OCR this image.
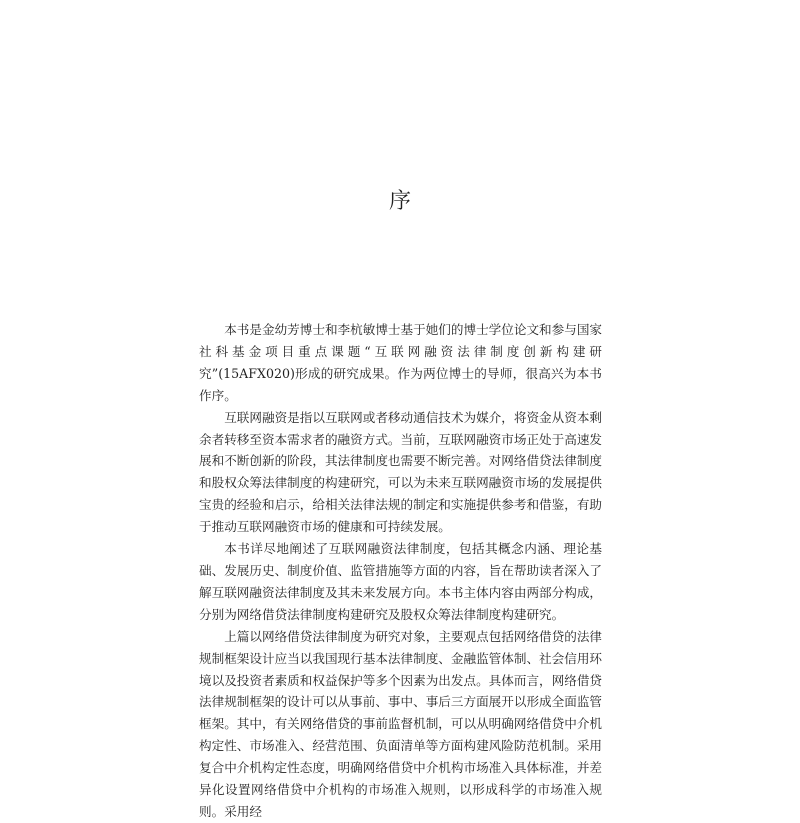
序

本书是金幼芳博士和李杭敏博士基于她们的博士学位论文和参与国家社科基金项目重点课题“互联网融资法律制度创新构建研究”(15AFX020)形成的研究成果。作为两位博士的导师，很高兴为本书作序。

互联网融资是指以互联网或者移动通信技术为媒介，将资金从资本剩余者转移至资本需求者的融资方式。当前，互联网融资市场正处于高速发展和不断创新的阶段，其法律制度也需要不断完善。对网络借贷法律制度和股权众筹法律制度的构建研究，可以为未来互联网融资市场的发展提供宝贵的经验和启示，给相关法律法规的制定和实施提供参考和借鉴，有助于推动互联网融资市场的健康和可持续发展。

本书详尽地阐述了互联网融资法律制度，包括其概念内涵、理论基础、发展历史、制度价值、监管措施等方面的内容，旨在帮助读者深入了解互联网融资法律制度及其未来发展方向。本书主体内容由两部分构成，分别为网络借贷法律制度构建研究及股权众筹法律制度构建研究。

上篇以网络借贷法律制度为研究对象，主要观点包括网络借贷的法律规制框架设计应当以我国现行基本法律制度、金融监管体制、社会信用环境以及投资者素质和权益保护等多个因素为出发点。具体而言，网络借贷法律规制框架的设计可以从事前、事中、事后三方面展开以形成全面监管框架。其中，有关网络借贷的事前监督机制，可以从明确网络借贷中介机构定性、市场准入、经营范围、负面清单等方面构建风险防范机制。采用复合中介机构定性态度，明确网络借贷中介机构市场准入具体标准，并差异化设置网络借贷中介机构的市场准入规则，以形成科学的市场准入规则。采用经
